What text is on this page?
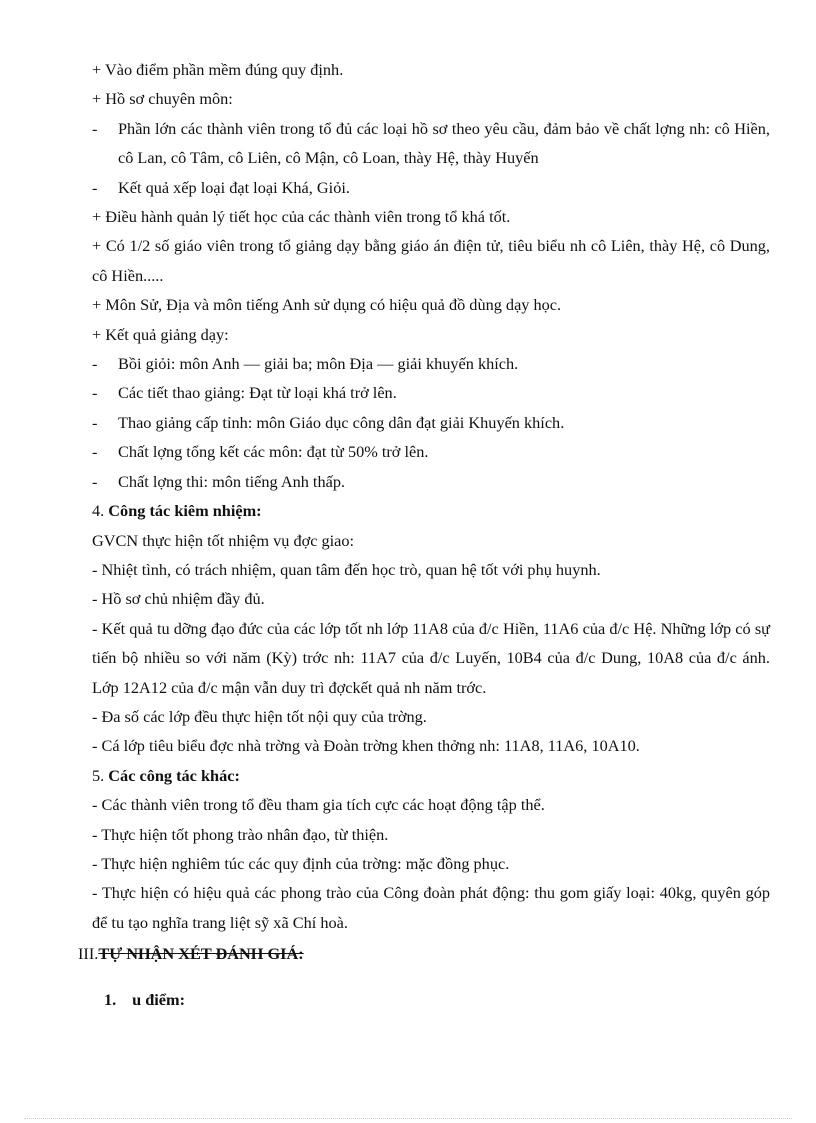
+ Vào điểm phần mềm đúng quy định.

+ Hồ sơ chuyên môn:

- Phần lớn các thành viên trong tổ đủ các loại hồ sơ theo yêu cầu, đảm bảo về chất lợng nh: cô Hiền, cô Lan, cô Tâm, cô Liên, cô Mận, cô Loan, thày Hệ, thày Huyến
- Kết quả xếp loại đạt loại Khá, Giỏi.

+ Điều hành quản lý tiết học của các thành viên trong tổ khá tốt.

+ Có 1/2 số giáo viên trong tổ giảng dạy bằng giáo án điện tử, tiêu biểu nh cô Liên, thày Hệ, cô Dung, cô Hiền.....

+ Môn Sử, Địa và môn tiếng Anh sử dụng có hiệu quả đồ dùng dạy học.

+ Kết quả giảng dạy:

- Bồi giỏi: môn Anh — giải ba; môn Địa — giải khuyến khích.
- Các tiết thao giảng: Đạt từ loại khá trở lên.
- Thao giảng cấp tỉnh: môn Giáo dục công dân đạt giải Khuyến khích.
- Chất lợng tổng kết các môn: đạt từ 50% trở lên.
- Chất lợng thi: môn tiếng Anh thấp.

4. Công tác kiêm nhiệm:

GVCN thực hiện tốt nhiệm vụ đợc giao:

- Nhiệt tình, có trách nhiệm, quan tâm đến học trò, quan hệ tốt với phụ huynh.

- Hồ sơ chủ nhiệm đầy đủ.

- Kết quả tu dỡng đạo đức của các lớp tốt nh lớp 11A8 của đ/c Hiền, 11A6 của đ/c Hệ. Những lớp có sự tiến bộ nhiều so với năm (Kỳ) trớc nh: 11A7 của đ/c Luyến, 10B4 của đ/c Dung, 10A8 của đ/c ánh. Lớp 12A12 của đ/c mận vẫn duy trì đợckết quả nh năm trớc.

- Đa số các lớp đều thực hiện tốt nội quy của trờng.

- Cá lớp tiêu biểu đợc nhà trờng và Đoàn trờng khen thởng nh: 11A8, 11A6, 10A10.

5. Các công tác khác:

- Các thành viên trong tổ đều tham gia tích cực các hoạt động tập thể.

- Thực hiện tốt phong trào nhân đạo, từ thiện.

- Thực hiện nghiêm túc các quy định của trờng: mặc đồng phục.

- Thực hiện có hiệu quả các phong trào của Công đoàn phát động: thu gom giấy loại: 40kg, quyên góp để tu tạo nghĩa trang liệt sỹ xã Chí hoà.

III.TỰ NHẬN XÉT ĐÁNH GIÁ:

1. u điểm:
